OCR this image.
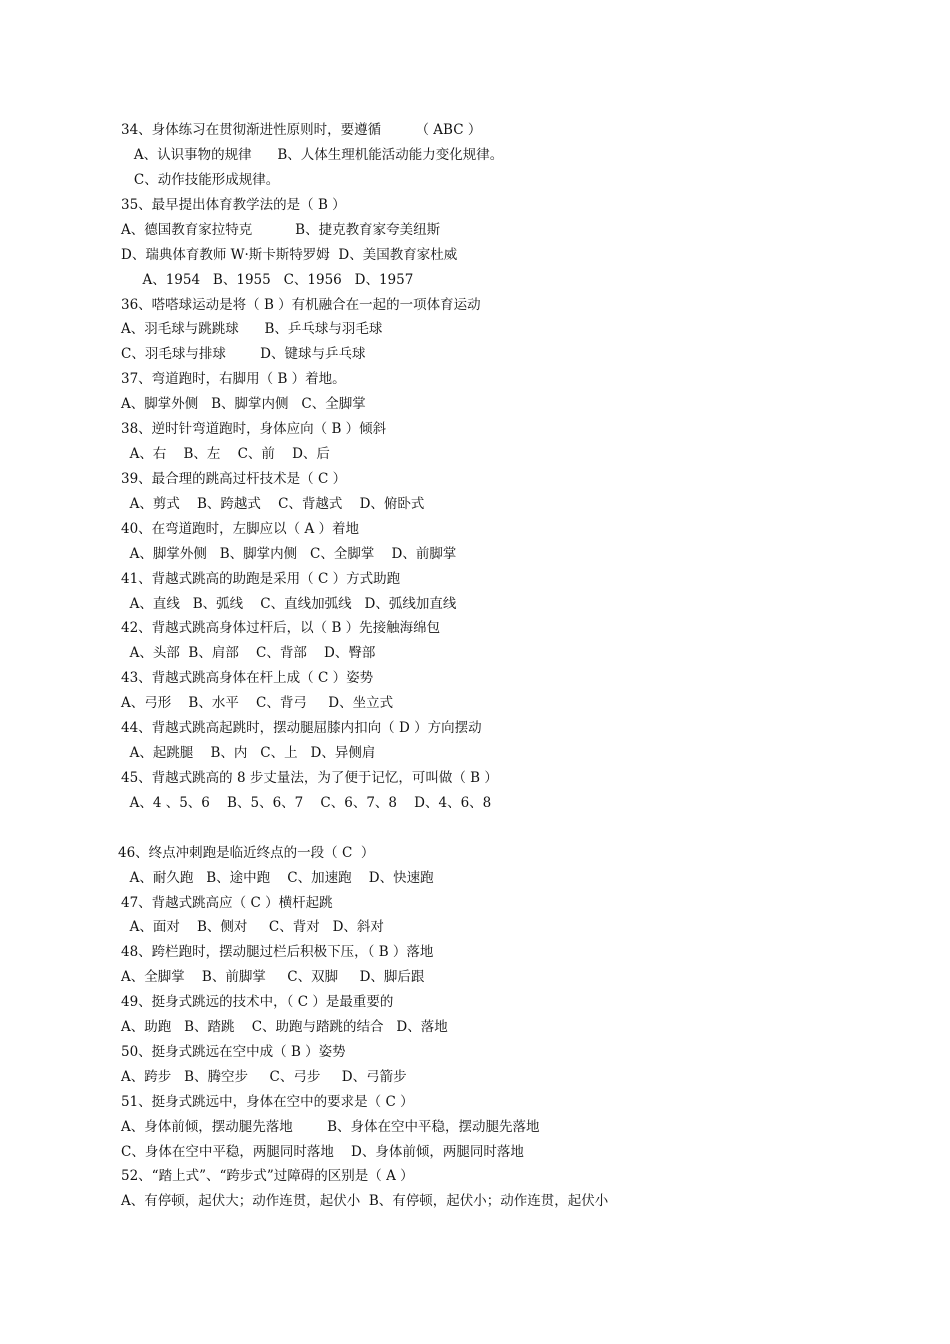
34、身体练习在贯彻渐进性原则时，要遵循        （ ABC ）
A、认识事物的规律      B、人体生理机能活动能力变化规律。
C、动作技能形成规律。
35、最早提出体育教学法的是（ B ）
A、德国教育家拉特克          B、捷克教育家夸美纽斯
D、瑞典体育教师 W·斯卡斯特罗姆  D、美国教育家杜威
A、1954   B、1955   C、1956   D、1957
36、嗒嗒球运动是将（ B ）有机融合在一起的一项体育运动
A、羽毛球与跳跳球      B、乒乓球与羽毛球
C、羽毛球与排球        D、键球与乒乓球
37、弯道跑时，右脚用（ B ）着地。
A、脚掌外侧   B、脚掌内侧   C、全脚掌
38、逆时针弯道跑时，身体应向（ B ）倾斜
A、右    B、左    C、前    D、后
39、最合理的跳高过杆技术是（ C ）
A、剪式    B、跨越式    C、背越式    D、俯卧式
40、在弯道跑时，左脚应以（ A ）着地
A、脚掌外侧   B、脚掌内侧   C、全脚掌    D、前脚掌
41、背越式跳高的助跑是采用（ C ）方式助跑
A、直线   B、弧线    C、直线加弧线   D、弧线加直线
42、背越式跳高身体过杆后，以（ B ）先接触海绵包
A、头部  B、肩部    C、背部    D、臀部
43、背越式跳高身体在杆上成（ C ）姿势
A、弓形    B、水平    C、背弓     D、坐立式
44、背越式跳高起跳时，摆动腿屈膝内扣向（ D ）方向摆动
A、起跳腿    B、内   C、上   D、异侧肩
45、背越式跳高的 8 步丈量法，为了便于记忆，可叫做（ B ）
A、4 、5、6    B、5、6、7    C、6、7、8    D、4、6、8
46、终点冲刺跑是临近终点的一段（ C  ）
A、耐久跑   B、途中跑    C、加速跑    D、快速跑
47、背越式跳高应（ C ）横杆起跳
A、面对    B、侧对     C、背对   D、斜对
48、跨栏跑时，摆动腿过栏后积极下压，（ B ）落地
A、全脚掌    B、前脚掌     C、双脚     D、脚后跟
49、挺身式跳远的技术中，（ C ）是最重要的
A、助跑   B、踏跳    C、助跑与踏跳的结合   D、落地
50、挺身式跳远在空中成（ B ）姿势
A、跨步   B、腾空步     C、弓步     D、弓箭步
51、挺身式跳远中，身体在空中的要求是（ C ）
A、身体前倾，摆动腿先落地        B、身体在空中平稳，摆动腿先落地
C、身体在空中平稳，两腿同时落地    D、身体前倾，两腿同时落地
52、“踏上式”、“跨步式”过障碍的区别是（ A ）
A、有停顿，起伏大；动作连贯，起伏小  B、有停顿，起伏小；动作连贯，起伏小
